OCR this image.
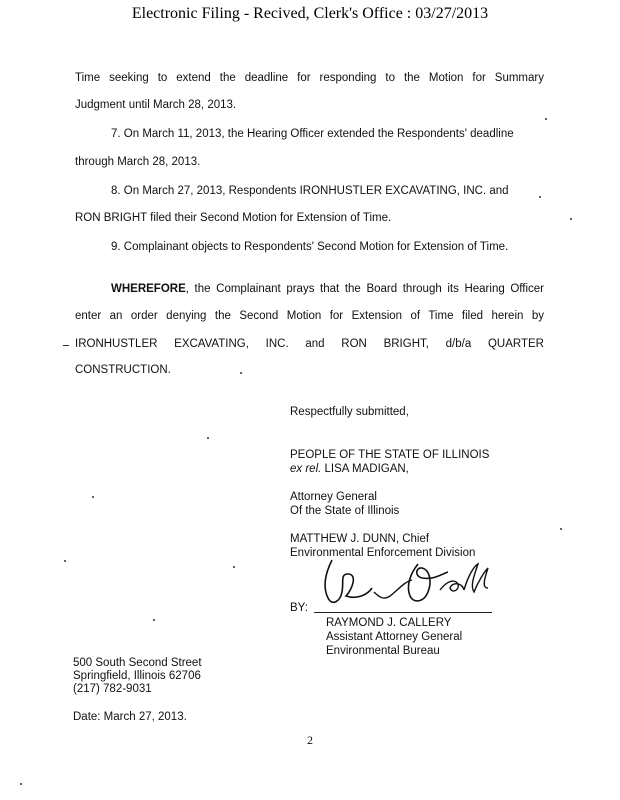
Electronic Filing - Recived, Clerk's Office : 03/27/2013
Time seeking to extend the deadline for responding to the Motion for Summary
Judgment until March 28, 2013.
7. On March 11, 2013, the Hearing Officer extended the Respondents' deadline
through March 28, 2013.
8. On March 27, 2013, Respondents IRONHUSTLER EXCAVATING, INC. and
RON BRIGHT filed their Second Motion for Extension of Time.
9. Complainant objects to Respondents' Second Motion for Extension of Time.
WHEREFORE, the Complainant prays that the Board through its Hearing Officer
enter an order denying the Second Motion for Extension of Time filed herein by
IRONHUSTLER EXCAVATING, INC. and RON BRIGHT, d/b/a QUARTER
CONSTRUCTION.
Respectfully submitted,
PEOPLE OF THE STATE OF ILLINOIS
ex rel. LISA MADIGAN,
Attorney General
Of the State of Illinois
MATTHEW J. DUNN, Chief
Environmental Enforcement Division
BY:
RAYMOND J. CALLERY
Assistant Attorney General
Environmental Bureau
500 South Second Street
Springfield, Illinois 62706
(217) 782-9031
Date: March 27, 2013.
2
